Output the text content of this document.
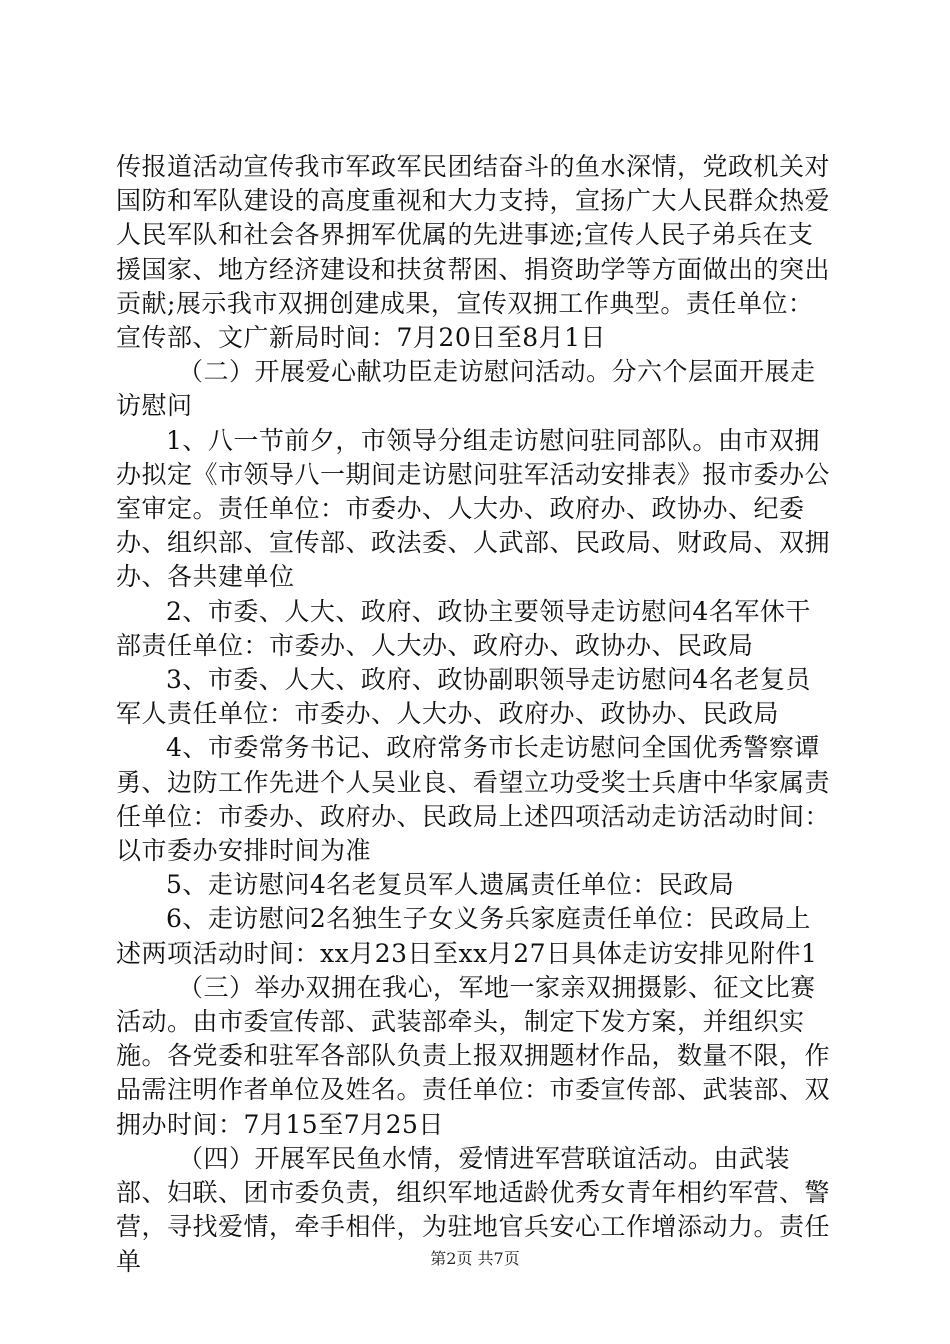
传报道活动宣传我市军政军民团结奋斗的鱼水深情，党政机关对国防和军队建设的高度重视和大力支持，宣扬广大人民群众热爱人民军队和社会各界拥军优属的先进事迹;宣传人民子弟兵在支援国家、地方经济建设和扶贫帮困、捐资助学等方面做出的突出贡献;展示我市双拥创建成果，宣传双拥工作典型。责任单位：宣传部、文广新局时间：7月20日至8月1日

（二）开展爱心献功臣走访慰问活动。分六个层面开展走访慰问

1、八一节前夕，市领导分组走访慰问驻同部队。由市双拥办拟定《市领导八一期间走访慰问驻军活动安排表》报市委办公室审定。责任单位：市委办、人大办、政府办、政协办、纪委办、组织部、宣传部、政法委、人武部、民政局、财政局、双拥办、各共建单位

2、市委、人大、政府、政协主要领导走访慰问4名军休干部责任单位：市委办、人大办、政府办、政协办、民政局

3、市委、人大、政府、政协副职领导走访慰问4名老复员军人责任单位：市委办、人大办、政府办、政协办、民政局

4、市委常务书记、政府常务市长走访慰问全国优秀警察谭勇、边防工作先进个人吴业良、看望立功受奖士兵唐中华家属责任单位：市委办、政府办、民政局上述四项活动走访活动时间：以市委办安排时间为准

5、走访慰问4名老复员军人遗属责任单位：民政局

6、走访慰问2名独生子女义务兵家庭责任单位：民政局上述两项活动时间：xx月23日至xx月27日具体走访安排见附件1

（三）举办双拥在我心，军地一家亲双拥摄影、征文比赛活动。由市委宣传部、武装部牵头，制定下发方案，并组织实施。各党委和驻军各部队负责上报双拥题材作品，数量不限，作品需注明作者单位及姓名。责任单位：市委宣传部、武装部、双拥办时间：7月15至7月25日

（四）开展军民鱼水情，爱情进军营联谊活动。由武装部、妇联、团市委负责，组织军地适龄优秀女青年相约军营、警营，寻找爱情，牵手相伴，为驻地官兵安心工作增添动力。责任单	第2页 共7页
